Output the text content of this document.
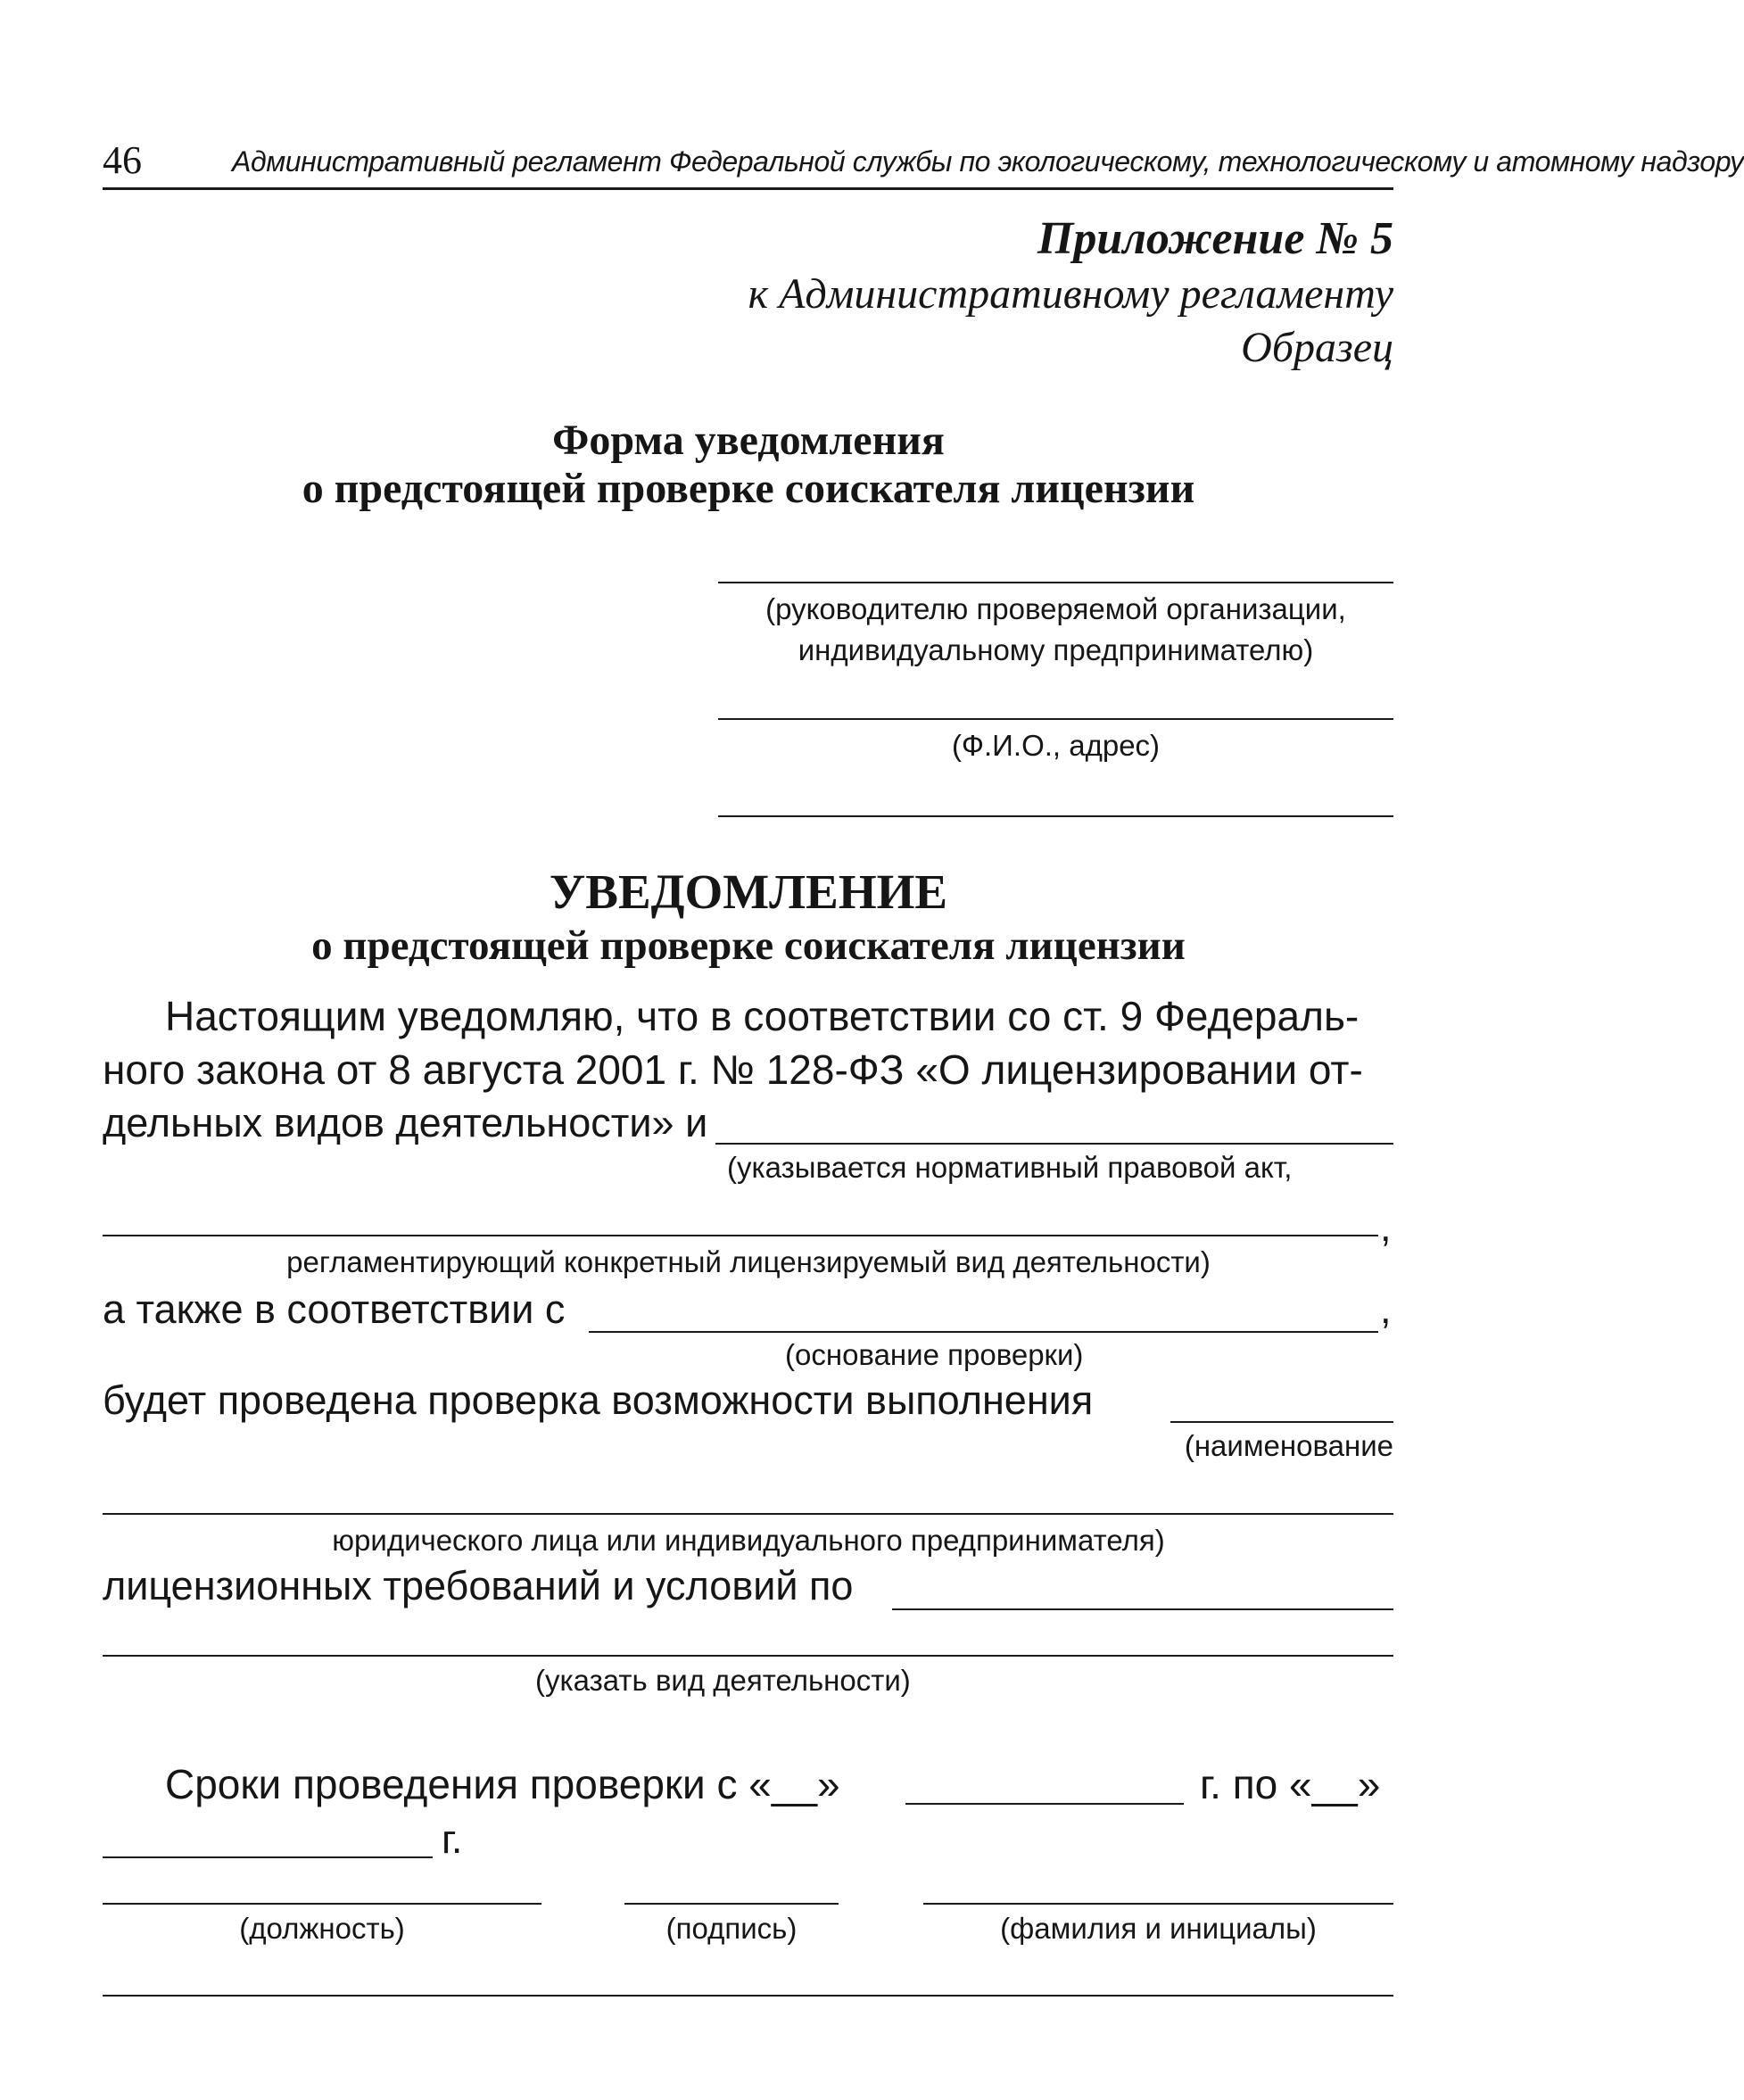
46	Административный регламент Федеральной службы по экологическому, технологическому и атомному надзору
Приложение № 5
к Административному регламенту
Образец
Форма уведомления
о предстоящей проверке соискателя лицензии
(руководителю проверяемой организации,
индивидуальному предпринимателю)
(Ф.И.О., адрес)
УВЕДОМЛЕНИЕ
о предстоящей проверке соискателя лицензии
Настоящим уведомляю, что в соответствии со ст. 9 Федераль-
ного закона от 8 августа 2001 г. № 128-ФЗ «О лицензировании от-
дельных видов деятельности» и
(указывается нормативный правовой акт,
,
регламентирующий конкретный лицензируемый вид деятельности)
а также в соответствии с	,
(основание проверки)
будет проведена проверка возможности выполнения
(наименование
юридического лица или индивидуального предпринимателя)
лицензионных требований и условий по
(указать вид деятельности)
Сроки проведения проверки с «__»	г. по «__»
г.
(должность)	(подпись)	(фамилия и инициалы)
